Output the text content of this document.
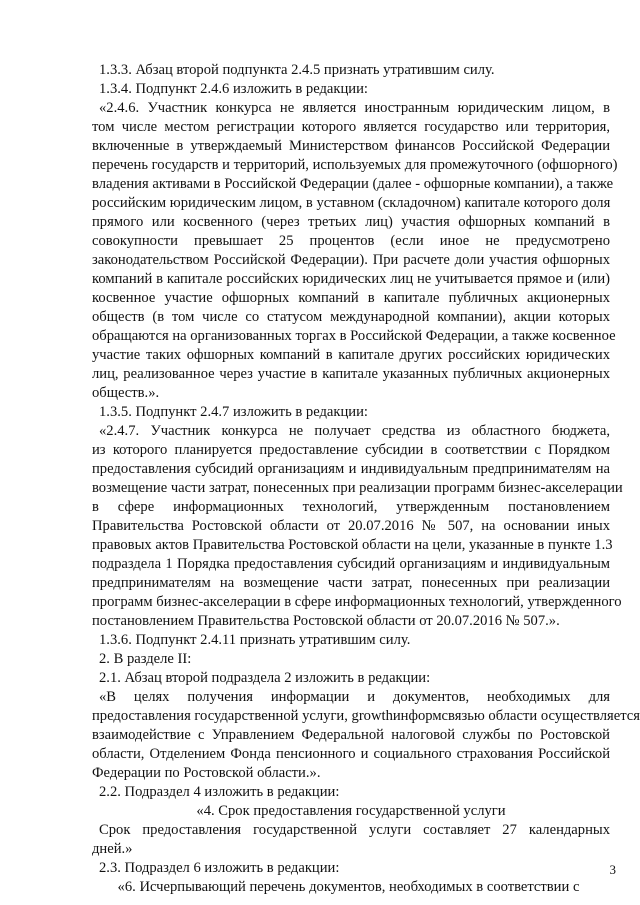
1.3.3. Абзац второй подпункта 2.4.5 признать утратившим силу.
1.3.4. Подпункт 2.4.6 изложить в редакции:
«2.4.6. Участник конкурса не является иностранным юридическим лицом, в
том числе местом регистрации которого является государство или территория,
включенные в утверждаемый Министерством финансов Российской Федерации
перечень государств и территорий, используемых для промежуточного (офшорного)
владения активами в Российской Федерации (далее - офшорные компании), а также
российским юридическим лицом, в уставном (складочном) капитале которого доля
прямого или косвенного (через третьих лиц) участия офшорных компаний в
совокупности превышает 25 процентов (если иное не предусмотрено
законодательством Российской Федерации). При расчете доли участия офшорных
компаний в капитале российских юридических лиц не учитывается прямое и (или)
косвенное участие офшорных компаний в капитале публичных акционерных
обществ (в том числе со статусом международной компании), акции которых
обращаются на организованных торгах в Российской Федерации, а также косвенное
участие таких офшорных компаний в капитале других российских юридических
лиц, реализованное через участие в капитале указанных публичных акционерных
обществ.».
1.3.5. Подпункт 2.4.7 изложить в редакции:
«2.4.7. Участник конкурса не получает средства из областного бюджета,
из которого планируется предоставление субсидии в соответствии с Порядком
предоставления субсидий организациям и индивидуальным предпринимателям на
возмещение части затрат, понесенных при реализации программ бизнес-акселерации
в сфере информационных технологий, утвержденным постановлением
Правительства Ростовской области от 20.07.2016 № 507, на основании иных
правовых актов Правительства Ростовской области на цели, указанные в пункте 1.3
подраздела 1 Порядка предоставления субсидий организациям и индивидуальным
предпринимателям на возмещение части затрат, понесенных при реализации
программ бизнес-акселерации в сфере информационных технологий, утвержденного
постановлением Правительства Ростовской области от 20.07.2016 № 507.».
1.3.6. Подпункт 2.4.11 признать утратившим силу.
2. В разделе II:
2.1. Абзац второй подраздела 2 изложить в редакции:
«В целях получения информации и документов, необходимых для
предоставления государственной услуги, growthинформсвязью области осуществляется
взаимодействие с Управлением Федеральной налоговой службы по Ростовской
области, Отделением Фонда пенсионного и социального страхования Российской
Федерации по Ростовской области.».
2.2. Подраздел 4 изложить в редакции:
«4. Срок предоставления государственной услуги
Срок предоставления государственной услуги составляет 27 календарных
дней.»
2.3. Подраздел 6 изложить в редакции:
«6. Исчерпывающий перечень документов, необходимых в соответствии с
3
